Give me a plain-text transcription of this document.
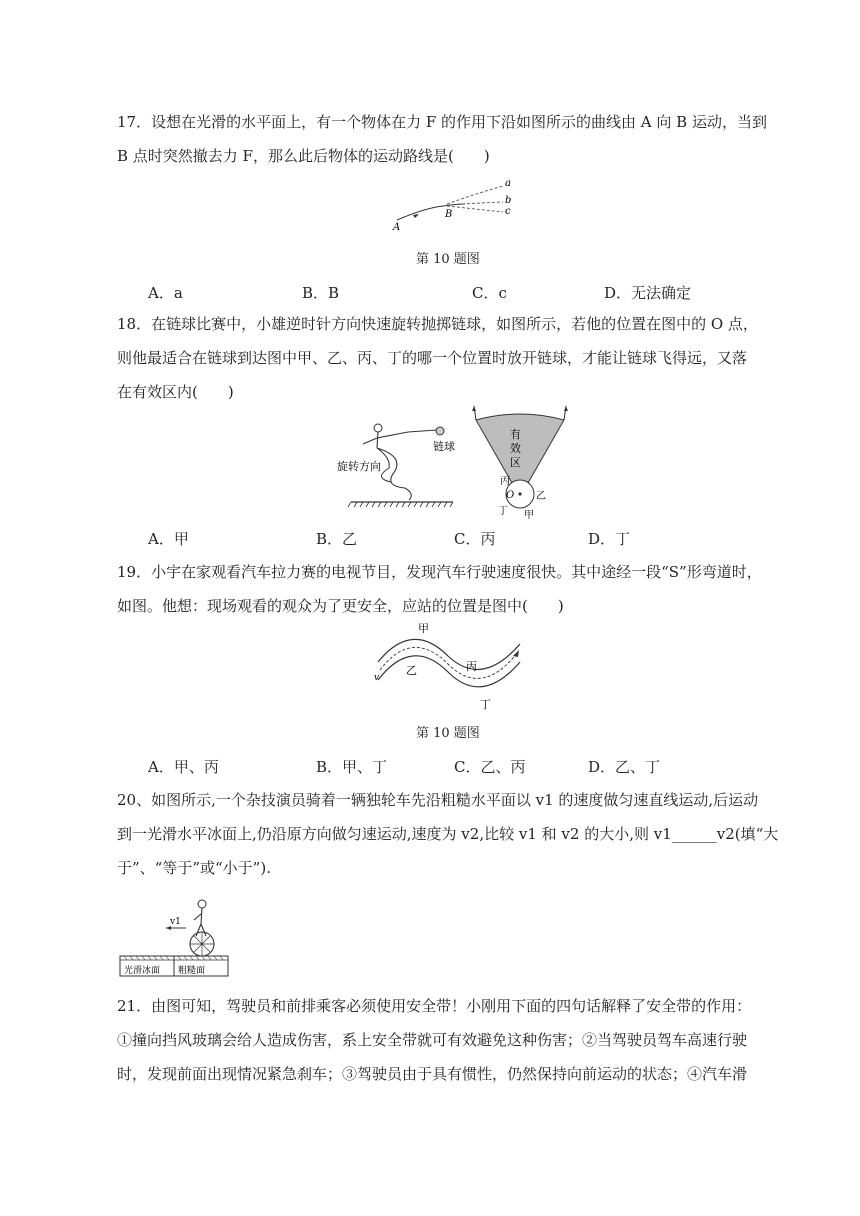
17．设想在光滑的水平面上，有一个物体在力 F 的作用下沿如图所示的曲线由 A 向 B 运动，当到
B 点时突然撤去力 F，那么此后物体的运动路线是(　　)
A
B
a
b
c
第 10 题图
A．a	B．B	C．c	D．无法确定
18．在链球比赛中，小雄逆时针方向快速旋转抛掷链球，如图所示，若他的位置在图中的 O 点，
则他最适合在链球到达图中甲、乙、丙、丁的哪一个位置时放开链球，才能让链球飞得远，又落
在有效区内(　　)
链球
旋转方向
有
效
区
O
丙
乙
甲
丁
A．甲	B．乙	C．丙	D．丁
19．小宇在家观看汽车拉力赛的电视节目，发现汽车行驶速度很快。其中途经一段“S”形弯道时，
如图。他想：现场观看的观众为了更安全，应站的位置是图中(　　)
甲
乙	丙
丁
v
第 10 题图
A．甲、丙	B．甲、丁	C．乙、丙	D．乙、丁
20、如图所示,一个杂技演员骑着一辆独轮车先沿粗糙水平面以 v1 的速度做匀速直线运动,后运动
到一光滑水平冰面上,仍沿原方向做匀速运动,速度为 v2,比较 v1 和 v2 的大小,则 v1______v2(填“大
于”、“等于”或“小于”).
v1
光滑冰面 粗糙面
21．由图可知，驾驶员和前排乘客必须使用安全带！小刚用下面的四句话解释了安全带的作用：
①撞向挡风玻璃会给人造成伤害，系上安全带就可有效避免这种伤害；②当驾驶员驾车高速行驶
时，发现前面出现情况紧急刹车；③驾驶员由于具有惯性，仍然保持向前运动的状态；④汽车滑
